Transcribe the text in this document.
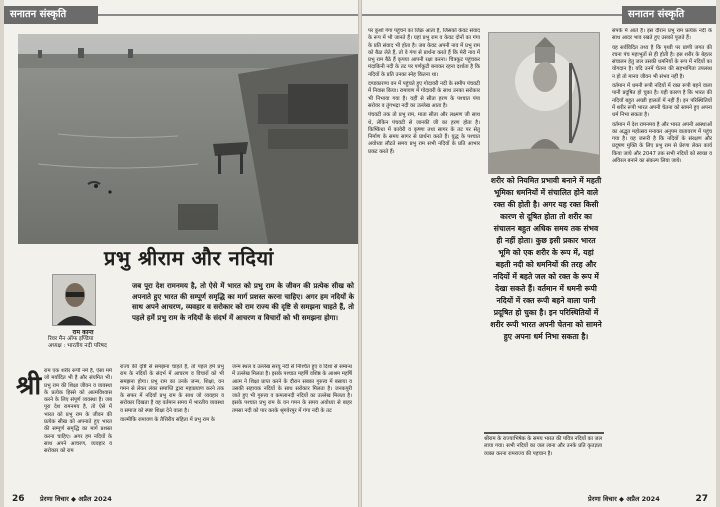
सनातन संस्कृति
प्रभु श्रीराम और नदियां
राम कान्त
रिवर मैन ऑफ इण्डिया
अध्यक्ष : भारतीय नदी परिषद
जब पूरा देश रामनमय है, तो ऐसे में भारत को प्रभु राम के जीवन की प्रत्येक सीख को अपनाते हुए भारत की सम्पूर्ण समृद्धि का मार्ग प्रशस्त करना चाहिए। अगर हम नदियों के साथ अपने आचरण, व्यवहार व सरोकार को राम राज्य की दृष्टि से समझना चाहते हैं, तो पहले हमें प्रभु राम के नदियों के संदर्भ में आचरण व विचारों को भी समझना होगा।
श्री राम एक शरीर रूपी नर्म हैं, ऐसा मर्म जो मर्यादित भी है और संयमित भी। प्रभु राम की शिक्षा जीवन व व्यवस्था के प्रत्येक हिस्से को आत्मविश्वास करने के लिए संपूर्ण व्यवस्था है। जब पूरा देश रामनमय है, तो ऐसे में भारत को प्रभु राम के जीवन की प्रत्येक सीख को अपनाते हुए भारत की सम्पूर्ण समृद्धि का मार्ग प्रशस्त करना चाहिए। अगर हम नदियों के साथ अपने आचरण, व्यवहार व सरोकार को राम

राज्य की दृष्टि से समझना चाहते हैं, तो पहले हमें प्रभु राम के नदियों के संदर्भ में आचरण व विचारों को भी समझना होगा। प्रभु राम का उनके जन्म, शिक्षा, वन गमन से लेकर लंका समाप्ति द्वारा महाप्रयाण करने तक के सफर में नदियाँ प्रभु राम के साथ जो व्यवहार व सरोकार दिखता है वह वर्तमान समय में भारतीय व्यवस्था व समाज को स्पष्ट शिक्षा देने वाला है।

वाल्मीकि रामायण के तैत्तिरीय संहिता में प्रभु राम के

जन्म स्थल व उल्लेख सरयू नदी से निश्चित हुए व दिशा से सम्बन्ध में उल्लेख मिलता है। इसके पश्चात महर्षि वशिष्ठ के आश्रम महर्षि आत्म ने शिक्षा प्राप्त करने के दौरान सबका गुरुत्त्व में बसाया व उसकी सहायक नदियों के साथ सरोकार मिलता है। जनकपुरी जाते हुए भी गुरुत्त्व व कमलानदी नदियों का उल्लेख मिलता है। इसके पश्चात प्रभु राम के वन गमन के समय अयोध्या से बाहर तमसा नदी को पार करके श्रृंगवेरपुर में गंगा नदी के तट

26 प्रेरणा विचार ◆ अप्रैल 2024
सनातन संस्कृति

पर कुशों गंगा पहुंचने का जिक्र आता है, जिसको केवट संवाद के रूप में भी जानते हैं। यहां प्रभु राम व केवट दोनों का गंगा के प्रति संवाद भी होता है। जब केवट अपनी नाव में प्रभु राम को बैठा लेते हैं, तो वे गंगा से प्रार्थना करते हैं कि मेरी नाव में प्रभु राम बैठे हैं कृपया आपनी रक्षा करना। चित्रकूट पहुंचकर मंदाकिनी नदी के तट पर पर्णकुटी बनाकर रहना दर्शाता है कि नदियों के प्रति उनका स्नेह कितना था।

दण्डकारण्य वन में पहुंचते हुए गोदावरी नदी के समीप पंचवटी में निवास किया। रामायण में गोदावरी के साथ उनका सरोकार भी निभाया गया है। यहीं से सीता हरण के पश्चात पंपा सरोवर व तुंगभद्रा नदी का उल्लेख आता है।

पंचवटी तक तो प्रभु राम, माता सीता और लक्ष्मण जी साथ थे, लेकिन पंचवटी से जानकी जी का हरण होता है। किष्किंधा में कावेरी व कृष्णा तथा सागर के तट पर सेतु निर्माण के समय सागर से प्रार्थना करते हैं। युद्ध के पश्चात अयोध्या लौटते समय प्रभु राम सभी नदियों के प्रति आभार प्रकट करते हैं।

शरीर को नियमित प्रभावी बनाने में महती भूमिका धमनियों में संचालित होने वाले रक्त की होती है। अगर यह रक्त किसी कारण से दूषित होता तो शरीर का संचालन बहुत अधिक समय तक संभव ही नहीं होता। कुछ इसी प्रकार भारत भूमि को एक शरीर के रूप में, यहां बहती नदी को धमनियों की तरह और नदियों में बहते जल को रक्त के रूप में देखा सकते हैं। वर्तमान में धमनी रूपी नदियों में रक्त रूपी बहने वाला पानी प्रदूषित हो चुका है। इन परिस्थितियों में शरीर रूपी भारत अपनी चेतना को सामने हुए अपना धर्म निभा सकता है।
श्रीराम के राज्याभिषेक के समय भारत की पवित्र नदियों का जल लाया गया। सभी नदियों का जल लाना और उनके प्रति कृतज्ञता व्यक्त करना रामराज्य की पहचान है।

संपर्क में आते हैं। इस दौरान प्रभु राम प्रत्येक नदी के साथ आदर भाव रखते हुए उसको पूजते हैं।

यह सर्वविदित तथ्य है कि पृथ्वी पर प्राणी जगत की रचना पंच महाभूतों से ही होती है। इस शरीर के बेहतर संचालन हेतु जल उसकी धमनियों के रूप में नदियों का योगदान है। यदि उनमें चेतना की सहभागिता उपलब्ध न हो तो मानव जीवन भी संभव नहीं है।

वर्तमान में धमनी रूपी नदियों में रक्त रूपी बहने वाला पानी प्रदूषित हो चुका है। यही कारण है कि भारत की नदियाँ बहुत अच्छी हालतों में नहीं हैं। इन परिस्थितियों में शरीर रूपी भारत अपनी चेतना को सामने हुए अपना धर्म निभा सकता है।

वर्तमान में देश रामनमय है और भारत अपनी आस्थाओं का अद्भुत महोत्सव मनाकर अनुपम वातावरण में पहुंच गया है। यह जरूरी है कि नदियों के संरक्षण और प्रदूषण मुक्ति के लिए प्रभु राम से प्रेरणा लेकर कार्य किया जाये और 2047 तक सभी नदियों को स्वच्छ व अविरल बनाने का संकल्प लिया जाये।

प्रेरणा विचार ◆ अप्रैल 2024	27
